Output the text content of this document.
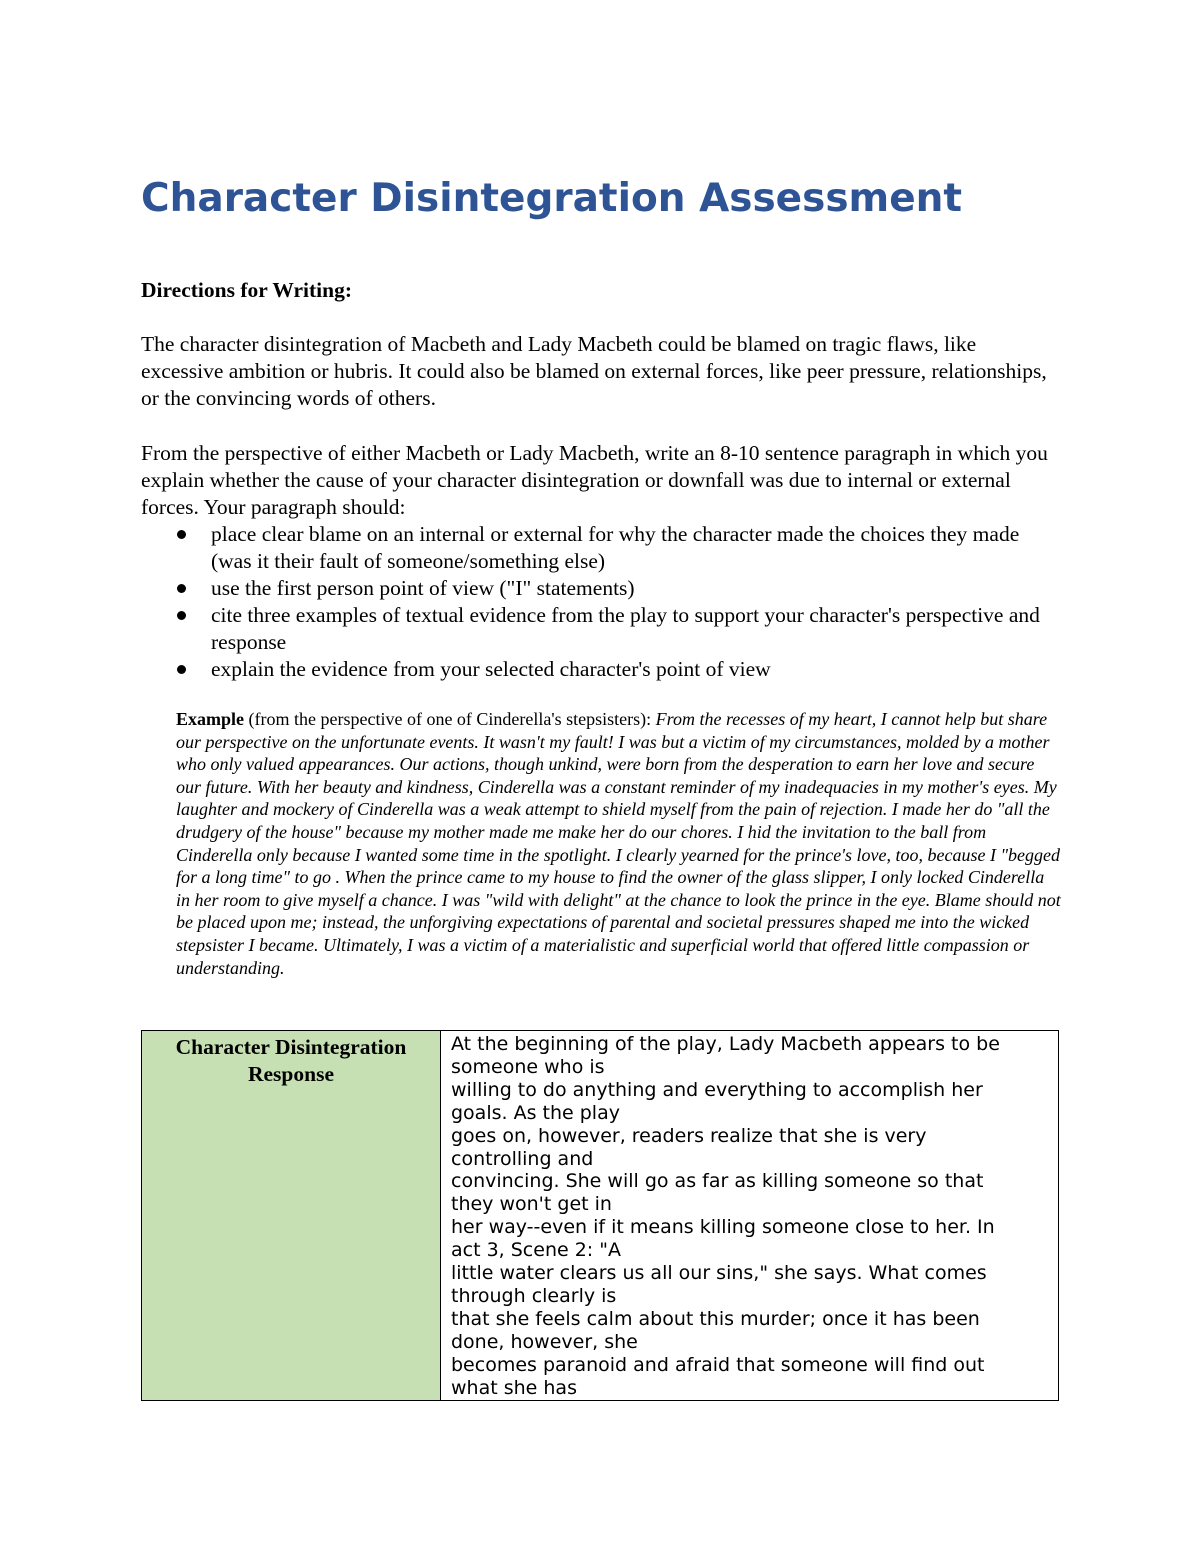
Character Disintegration Assessment

Directions for Writing:

The character disintegration of Macbeth and Lady Macbeth could be blamed on tragic flaws, like excessive ambition or hubris. It could also be blamed on external forces, like peer pressure, relationships, or the convincing words of others.

From the perspective of either Macbeth or Lady Macbeth, write an 8-10 sentence paragraph in which you explain whether the cause of your character disintegration or downfall was due to internal or external forces. Your paragraph should:

place clear blame on an internal or external for why the character made the choices they made (was it their fault of someone/something else)
use the first person point of view ("I" statements)
cite three examples of textual evidence from the play to support your character's perspective and response
explain the evidence from your selected character's point of view

Example (from the perspective of one of Cinderella's stepsisters): From the recesses of my heart, I cannot help but share our perspective on the unfortunate events. It wasn't my fault! I was but a victim of my circumstances, molded by a mother who only valued appearances. Our actions, though unkind, were born from the desperation to earn her love and secure our future. With her beauty and kindness, Cinderella was a constant reminder of my inadequacies in my mother's eyes. My laughter and mockery of Cinderella was a weak attempt to shield myself from the pain of rejection. I made her do "all the drudgery of the house" because my mother made me make her do our chores. I hid the invitation to the ball from Cinderella only because I wanted some time in the spotlight. I clearly yearned for the prince's love, too, because I "begged for a long time" to go . When the prince came to my house to find the owner of the glass slipper, I only locked Cinderella in her room to give myself a chance. I was "wild with delight" at the chance to look the prince in the eye. Blame should not be placed upon me; instead, the unforgiving expectations of parental and societal pressures shaped me into the wicked stepsister I became. Ultimately, I was a victim of a materialistic and superficial world that offered little compassion or understanding.

Character Disintegration Response	
At the beginning of the play, Lady Macbeth appears to be
someone who is
willing to do anything and everything to accomplish her
goals. As the play
goes on, however, readers realize that she is very
controlling and
convincing. She will go as far as killing someone so that
they won't get in
her way--even if it means killing someone close to her. In
act 3, Scene 2: "A
little water clears us all our sins," she says. What comes
through clearly is
that she feels calm about this murder; once it has been
done, however, she
becomes paranoid and afraid that someone will find out
what she has
